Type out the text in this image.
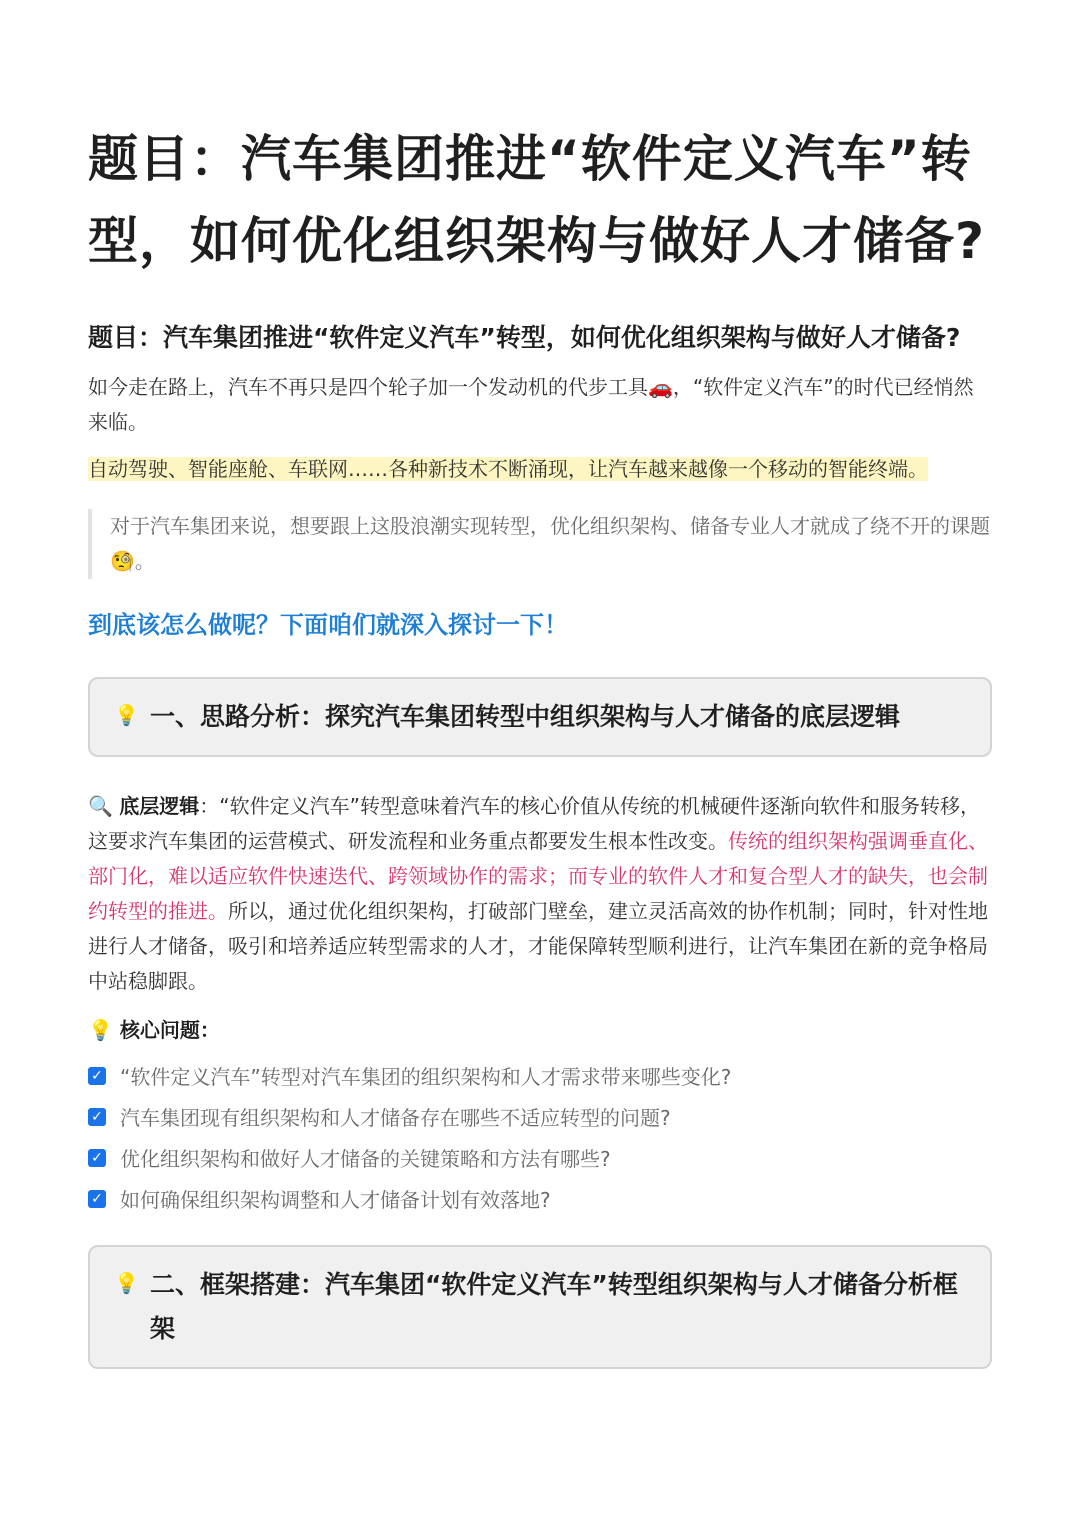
题目：汽车集团推进“软件定义汽车”转型，如何优化组织架构与做好人才储备?
题目：汽车集团推进“软件定义汽车”转型，如何优化组织架构与做好人才储备?

如今走在路上，汽车不再只是四个轮子加一个发动机的代步工具🚗，“软件定义汽车”的时代已经悄然来临。

自动驾驶、智能座舱、车联网……各种新技术不断涌现，让汽车越来越像一个移动的智能终端。

对于汽车集团来说，想要跟上这股浪潮实现转型，优化组织架构、储备专业人才就成了绕不开的课题🧐。
到底该怎么做呢？下面咱们就深入探讨一下！
💡 一、思路分析：探究汽车集团转型中组织架构与人才储备的底层逻辑
🔍 底层逻辑：“软件定义汽车”转型意味着汽车的核心价值从传统的机械硬件逐渐向软件和服务转移，这要求汽车集团的运营模式、研发流程和业务重点都要发生根本性改变。传统的组织架构强调垂直化、部门化，难以适应软件快速迭代、跨领域协作的需求；而专业的软件人才和复合型人才的缺失，也会制约转型的推进。所以，通过优化组织架构，打破部门壁垒，建立灵活高效的协作机制；同时，针对性地进行人才储备，吸引和培养适应转型需求的人才，才能保障转型顺利进行，让汽车集团在新的竞争格局中站稳脚跟。
💡 核心问题：
✓ “软件定义汽车”转型对汽车集团的组织架构和人才需求带来哪些变化?
✓ 汽车集团现有组织架构和人才储备存在哪些不适应转型的问题?
✓ 优化组织架构和做好人才储备的关键策略和方法有哪些?
✓ 如何确保组织架构调整和人才储备计划有效落地?
💡 二、框架搭建：汽车集团“软件定义汽车”转型组织架构与人才储备分析框架
